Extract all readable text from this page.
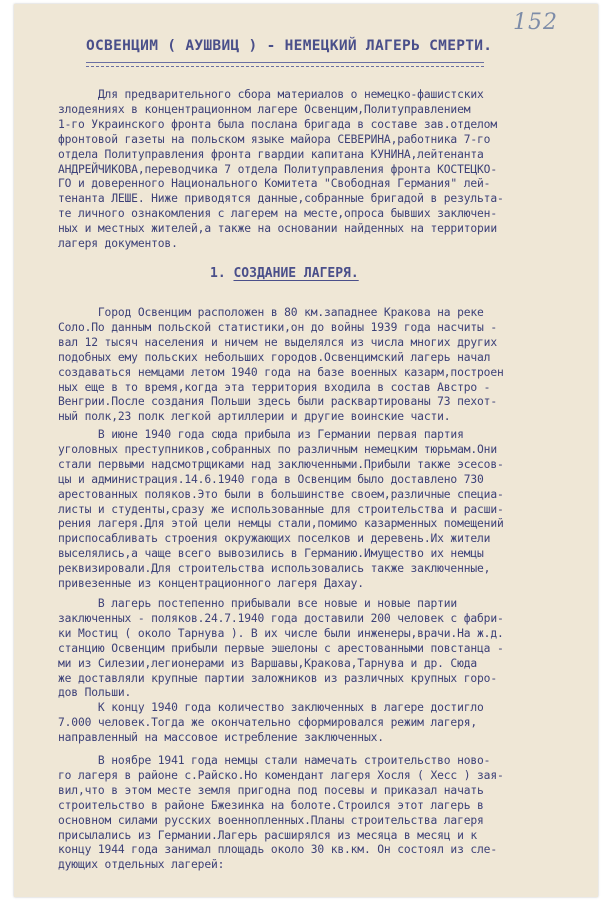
152
ОСВЕНЦИМ ( АУШВИЦ ) - НЕМЕЦКИЙ ЛАГЕРЬ СМЕРТИ.
Для предварительного сбора материалов о немецко-фашистских
злодеяниях в концентрационном лагере Освенцим,Политуправлением
1-го Украинского фронта была послана бригада в составе зав.отделом
фронтовой газеты на польском языке майора СЕВЕРИНА,работника 7-го
отдела Политуправления фронта гвардии капитана КУНИНА,лейтенанта
АНДРЕЙЧИКОВА,переводчика 7 отдела Политуправления фронта КОСТЕЦКО-
ГО и доверенного Национального Комитета "Свободная Германия" лей-
тенанта ЛЕШЕ. Ниже приводятся данные,собранные бригадой в результа-
те личного ознакомления с лагерем на месте,опроса бывших заключен-
ных и местных жителей,а также на основании найденных на территории
лагеря документов.
1. СОЗДАНИЕ ЛАГЕРЯ.
Город Освенцим расположен в 80 км.западнее Кракова на реке
Соло.По данным польской статистики,он до войны 1939 года насчиты -
вал 12 тысяч населения и ничем не выделялся из числа многих других
подобных ему польских небольших городов.Освенцимский лагерь начал
создаваться немцами летом 1940 года на базе военных казарм,построен
ных еще в то время,когда эта территория входила в состав Австро -
Венгрии.После создания Польши здесь были расквартированы 73 пехот-
ный полк,23 полк легкой артиллерии и другие воинские части.
В июне 1940 года сюда прибыла из Германии первая партия
уголовных преступников,собранных по различным немецким тюрьмам.Они
стали первыми надсмотрщиками над заключенными.Прибыли также эсесов-
цы и администрация.14.6.1940 года в Освенцим было доставлено 730
арестованных поляков.Это были в большинстве своем,различные специа-
листы и студенты,сразу же использованные для строительства и расши-
рения лагеря.Для этой цели немцы стали,помимо казарменных помещений
приспосабливать строения окружающих поселков и деревень.Их жители
выселялись,а чаще всего вывозились в Германию.Имущество их немцы
реквизировали.Для строительства использовались также заключенные,
привезенные из концентрационного лагеря Дахау.
В лагерь постепенно прибывали все новые и новые партии
заключенных - поляков.24.7.1940 года доставили 200 человек с фабри-
ки Мостиц ( около Тарнува ). В их числе были инженеры,врачи.На ж.д.
станцию Освенцим прибыли первые эшелоны с арестованными повстанца -
ми из Силезии,легионерами из Варшавы,Кракова,Тарнува и др. Сюда
же доставляли крупные партии заложников из различных крупных горо-
дов Польши.
К концу 1940 года количество заключенных в лагере достигло
7.000 человек.Тогда же окончательно сформировался режим лагеря,
направленный на массовое истребление заключенных.
В ноябре 1941 года немцы стали намечать строительство ново-
го лагеря в районе с.Райско.Но комендант лагеря Хосля ( Хесс ) зая-
вил,что в этом месте земля пригодна под посевы и приказал начать
строительство в районе Бжезинка на болоте.Строился этот лагерь в
основном силами русских военнопленных.Планы строительства лагеря
присылались из Германии.Лагерь расширялся из месяца в месяц и к
концу 1944 года занимал площадь около 30 кв.км. Он состоял из сле-
дующих отдельных лагерей:
